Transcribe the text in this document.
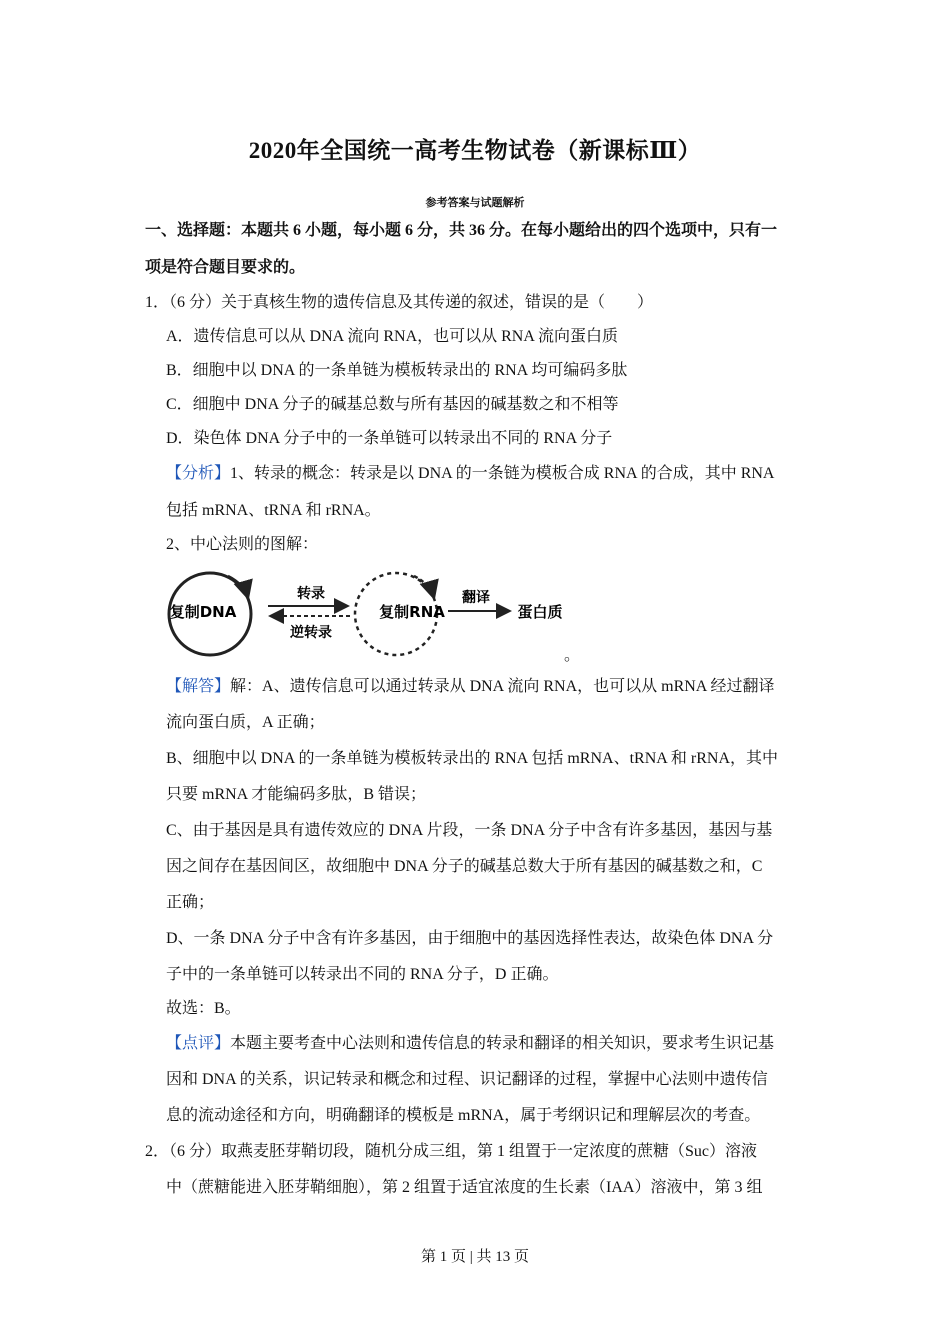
2020年全国统一高考生物试卷（新课标Ⅲ）
参考答案与试题解析
一、选择题：本题共 6 小题，每小题 6 分，共 36 分。在每小题给出的四个选项中，只有一
项是符合题目要求的。
1．（6 分）关于真核生物的遗传信息及其传递的叙述，错误的是（　　）
A．遗传信息可以从 DNA 流向 RNA，也可以从 RNA 流向蛋白质
B．细胞中以 DNA 的一条单链为模板转录出的 RNA 均可编码多肽
C．细胞中 DNA 分子的碱基总数与所有基因的碱基数之和不相等
D．染色体 DNA 分子中的一条单链可以转录出不同的 RNA 分子
【分析】1、转录的概念：转录是以 DNA 的一条链为模板合成 RNA 的合成，其中 RNA
包括 mRNA、tRNA 和 rRNA。
2、中心法则的图解：
复制DNA
转录
逆转录
复制RNA
翻译
蛋白质
。
【解答】解：A、遗传信息可以通过转录从 DNA 流向 RNA，也可以从 mRNA 经过翻译
流向蛋白质，A 正确；
B、细胞中以 DNA 的一条单链为模板转录出的 RNA 包括 mRNA、tRNA 和 rRNA，其中
只要 mRNA 才能编码多肽，B 错误；
C、由于基因是具有遗传效应的 DNA 片段，一条 DNA 分子中含有许多基因，基因与基
因之间存在基因间区，故细胞中 DNA 分子的碱基总数大于所有基因的碱基数之和，C
正确；
D、一条 DNA 分子中含有许多基因，由于细胞中的基因选择性表达，故染色体 DNA 分
子中的一条单链可以转录出不同的 RNA 分子，D 正确。
故选：B。
【点评】本题主要考查中心法则和遗传信息的转录和翻译的相关知识，要求考生识记基
因和 DNA 的关系，识记转录和概念和过程、识记翻译的过程，掌握中心法则中遗传信
息的流动途径和方向，明确翻译的模板是 mRNA，属于考纲识记和理解层次的考查。
2．（6 分）取燕麦胚芽鞘切段，随机分成三组，第 1 组置于一定浓度的蔗糖（Suc）溶液
中（蔗糖能进入胚芽鞘细胞），第 2 组置于适宜浓度的生长素（IAA）溶液中，第 3 组
第 1 页 | 共 13 页
